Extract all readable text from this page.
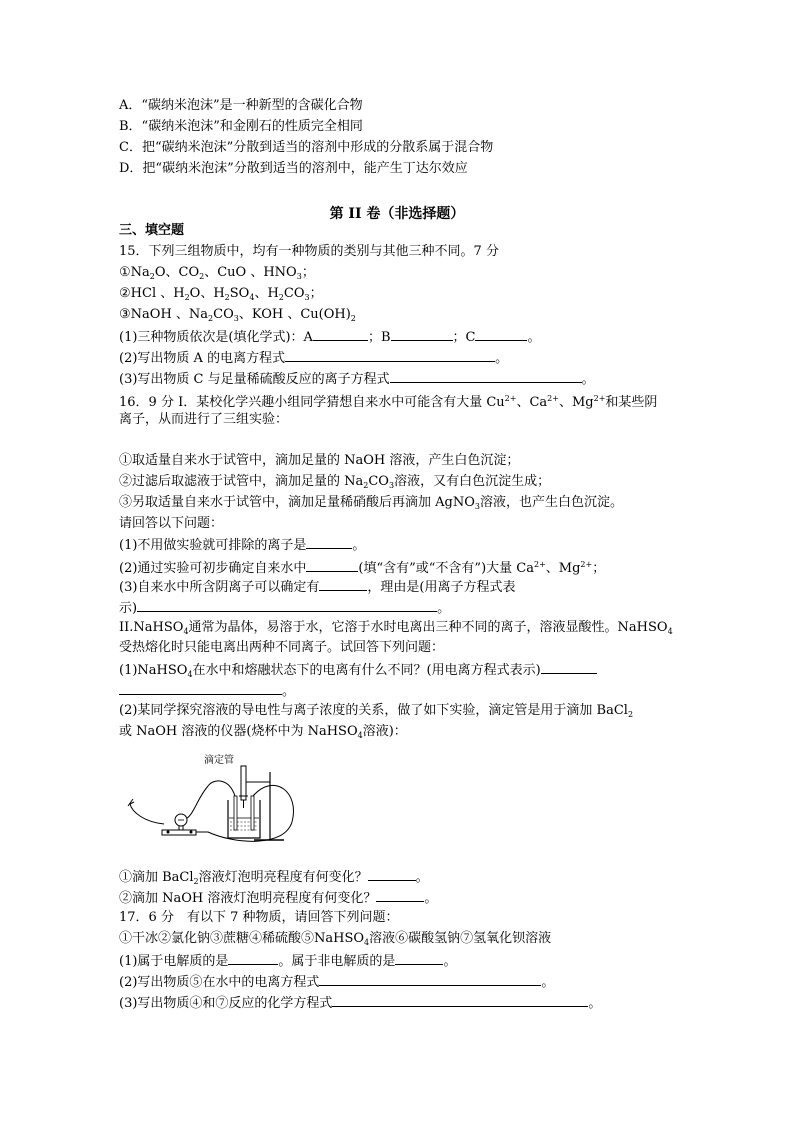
A．“碳纳米泡沫”是一种新型的含碳化合物
B．“碳纳米泡沫”和金刚石的性质完全相同
C．把“碳纳米泡沫”分散到适当的溶剂中形成的分散系属于混合物
D．把“碳纳米泡沫”分散到适当的溶剂中，能产生丁达尔效应
第 II 卷（非选择题）
三、填空题
15．下列三组物质中，均有一种物质的类别与其他三种不同。7 分
$①Na_2O$、$CO_2$、CuO 、$HNO_3$；
②HCl 、$H_2O$、$H_2SO_4$、$H_2CO_3$；
③NaOH 、$Na_2CO_3$、KOH 、$Cu(OH)_2$
(1)三种物质依次是(填化学式)：A	；B	；C	。
(2)写出物质 A 的电离方程式	。
(3)写出物质 C 与足量稀硫酸反应的离子方程式	。
16．9 分 I．某校化学兴趣小组同学猜想自来水中可能含有大量 $Cu^{2+}$、$Ca^{2+}$、$Mg^{2+}$和某些阴
离子，从而进行了三组实验：
①取适量自来水于试管中，滴加足量的 NaOH 溶液，产生白色沉淀；
②过滤后取滤液于试管中，滴加足量的 $Na_2CO_3$溶液，又有白色沉淀生成；
③另取适量自来水于试管中，滴加足量稀硝酸后再滴加 AgNO$_3$溶液，也产生白色沉淀。
请回答以下问题：
(1)不用做实验就可排除的离子是	。
(2)通过实验可初步确定自来水中	(填“含有”或“不含有”)大量 $Ca^{2+}$、$Mg^{2+}$；
(3)自来水中所含阴离子可以确定有	，理由是(用离子方程式表
示)	。
II.NaHSO$_4$通常为晶体，易溶于水，它溶于水时电离出三种不同的离子，溶液显酸性。NaHSO$_4$
受热熔化时只能电离出两种不同离子。试回答下列问题：
(1)NaHSO$_4$在水中和熔融状态下的电离有什么不同？(用电离方程式表示)
。
(2)某同学探究溶液的导电性与离子浓度的关系，做了如下实验，滴定管是用于滴加 BaCl$_2$
或 NaOH 溶液的仪器(烧杯中为 NaHSO$_4$溶液)：
滴定管
①滴加 BaCl$_2$溶液灯泡明亮程度有何变化？	。
②滴加 NaOH 溶液灯泡明亮程度有何变化？	。
17．6 分　有以下 7 种物质，请回答下列问题：
①干冰②氯化钠③蔗糖④稀硫酸⑤NaHSO$_4$溶液⑥碳酸氢钠⑦氢氧化钡溶液
(1)属于电解质的是	。属于非电解质的是	。
(2)写出物质⑤在水中的电离方程式	。
(3)写出物质④和⑦反应的化学方程式	。
